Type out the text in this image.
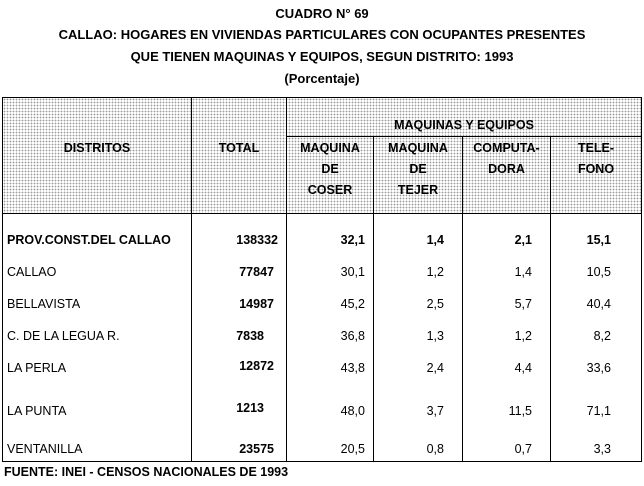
CUADRO N° 69
CALLAO: HOGARES EN VIVIENDAS PARTICULARES CON OCUPANTES PRESENTES
QUE TIENEN MAQUINAS Y EQUIPOS, SEGUN DISTRITO: 1993
(Porcentaje)
DISTRITOS	TOTAL
MAQUINAS Y EQUIPOS
MAQUINA
DE
COSER
MAQUINA
DE
TEJER
COMPUTA-
DORA
TELE-
FONO
PROV.CONST.DEL CALLAO	138332	32,1	1,4	2,1	15,1
CALLAO	77847	30,1	1,2	1,4	10,5
BELLAVISTA	14987	45,2	2,5	5,7	40,4
C. DE LA LEGUA R.	7838	36,8	1,3	1,2	8,2
LA PERLA	12872	43,8	2,4	4,4	33,6
LA PUNTA	1213	48,0	3,7	11,5	71,1
VENTANILLA	23575	20,5	0,8	0,7	3,3
FUENTE: INEI - CENSOS NACIONALES DE 1993
